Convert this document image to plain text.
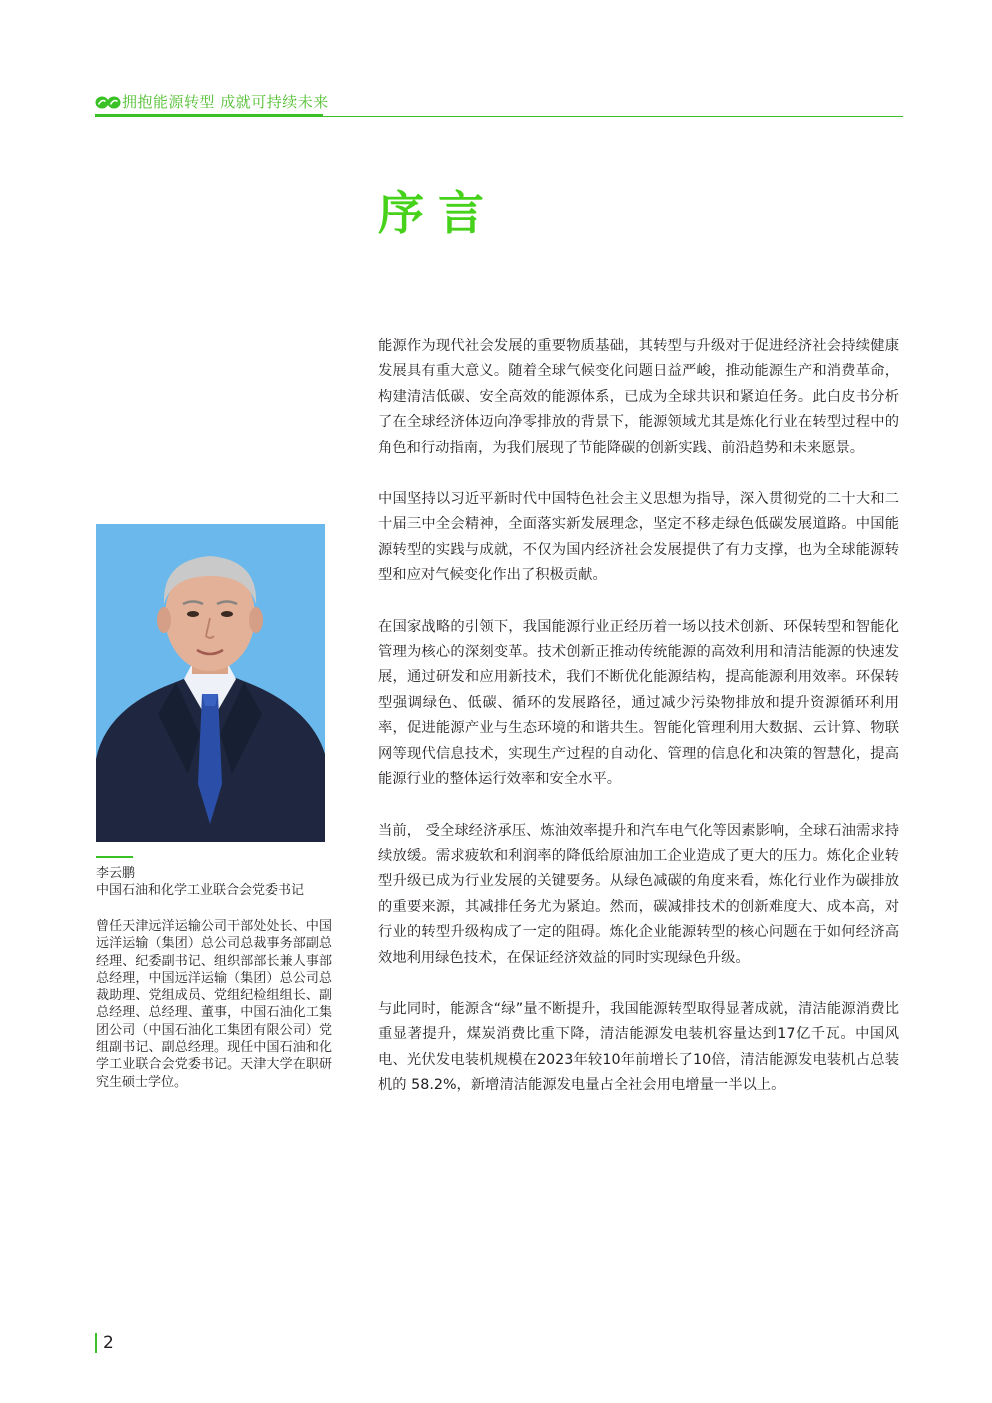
拥抱能源转型 成就可持续未来
序言

能源作为现代社会发展的重要物质基础，其转型与升级对于促进经济社会持续健康发展具有重大意义。随着全球气候变化问题日益严峻，推动能源生产和消费革命，构建清洁低碳、安全高效的能源体系，已成为全球共识和紧迫任务。此白皮书分析了在全球经济体迈向净零排放的背景下，能源领域尤其是炼化行业在转型过程中的角色和行动指南，为我们展现了节能降碳的创新实践、前沿趋势和未来愿景。

中国坚持以习近平新时代中国特色社会主义思想为指导，深入贯彻党的二十大和二十届三中全会精神，全面落实新发展理念，坚定不移走绿色低碳发展道路。中国能源转型的实践与成就，不仅为国内经济社会发展提供了有力支撑，也为全球能源转型和应对气候变化作出了积极贡献。

在国家战略的引领下，我国能源行业正经历着一场以技术创新、环保转型和智能化管理为核心的深刻变革。技术创新正推动传统能源的高效利用和清洁能源的快速发展，通过研发和应用新技术，我们不断优化能源结构，提高能源利用效率。环保转型强调绿色、低碳、循环的发展路径，通过减少污染物排放和提升资源循环利用率，促进能源产业与生态环境的和谐共生。智能化管理利用大数据、云计算、物联网等现代信息技术，实现生产过程的自动化、管理的信息化和决策的智慧化，提高能源行业的整体运行效率和安全水平。

当前， 受全球经济承压、炼油效率提升和汽车电气化等因素影响，全球石油需求持续放缓。需求疲软和利润率的降低给原油加工企业造成了更大的压力。炼化企业转型升级已成为行业发展的关键要务。从绿色减碳的角度来看，炼化行业作为碳排放的重要来源，其减排任务尤为紧迫。然而，碳减排技术的创新难度大、成本高，对行业的转型升级构成了一定的阻碍。炼化企业能源转型的核心问题在于如何经济高效地利用绿色技术，在保证经济效益的同时实现绿色升级。

与此同时，能源含“绿”量不断提升，我国能源转型取得显著成就，清洁能源消费比重显著提升，煤炭消费比重下降，清洁能源发电装机容量达到17亿千瓦。中国风电、光伏发电装机规模在2023年较10年前增长了10倍，清洁能源发电装机占总装机的 58.2%，新增清洁能源发电量占全社会用电增量一半以上。

李云鹏
中国石油和化学工业联合会党委书记
曾任天津远洋运输公司干部处处长、中国远洋运输（集团）总公司总裁事务部副总经理、纪委副书记、组织部部长兼人事部总经理，中国远洋运输（集团）总公司总裁助理、党组成员、党组纪检组组长、副总经理、总经理、董事，中国石油化工集团公司（中国石油化工集团有限公司）党组副书记、副总经理。现任中国石油和化学工业联合会党委书记。天津大学在职研究生硕士学位。
2
